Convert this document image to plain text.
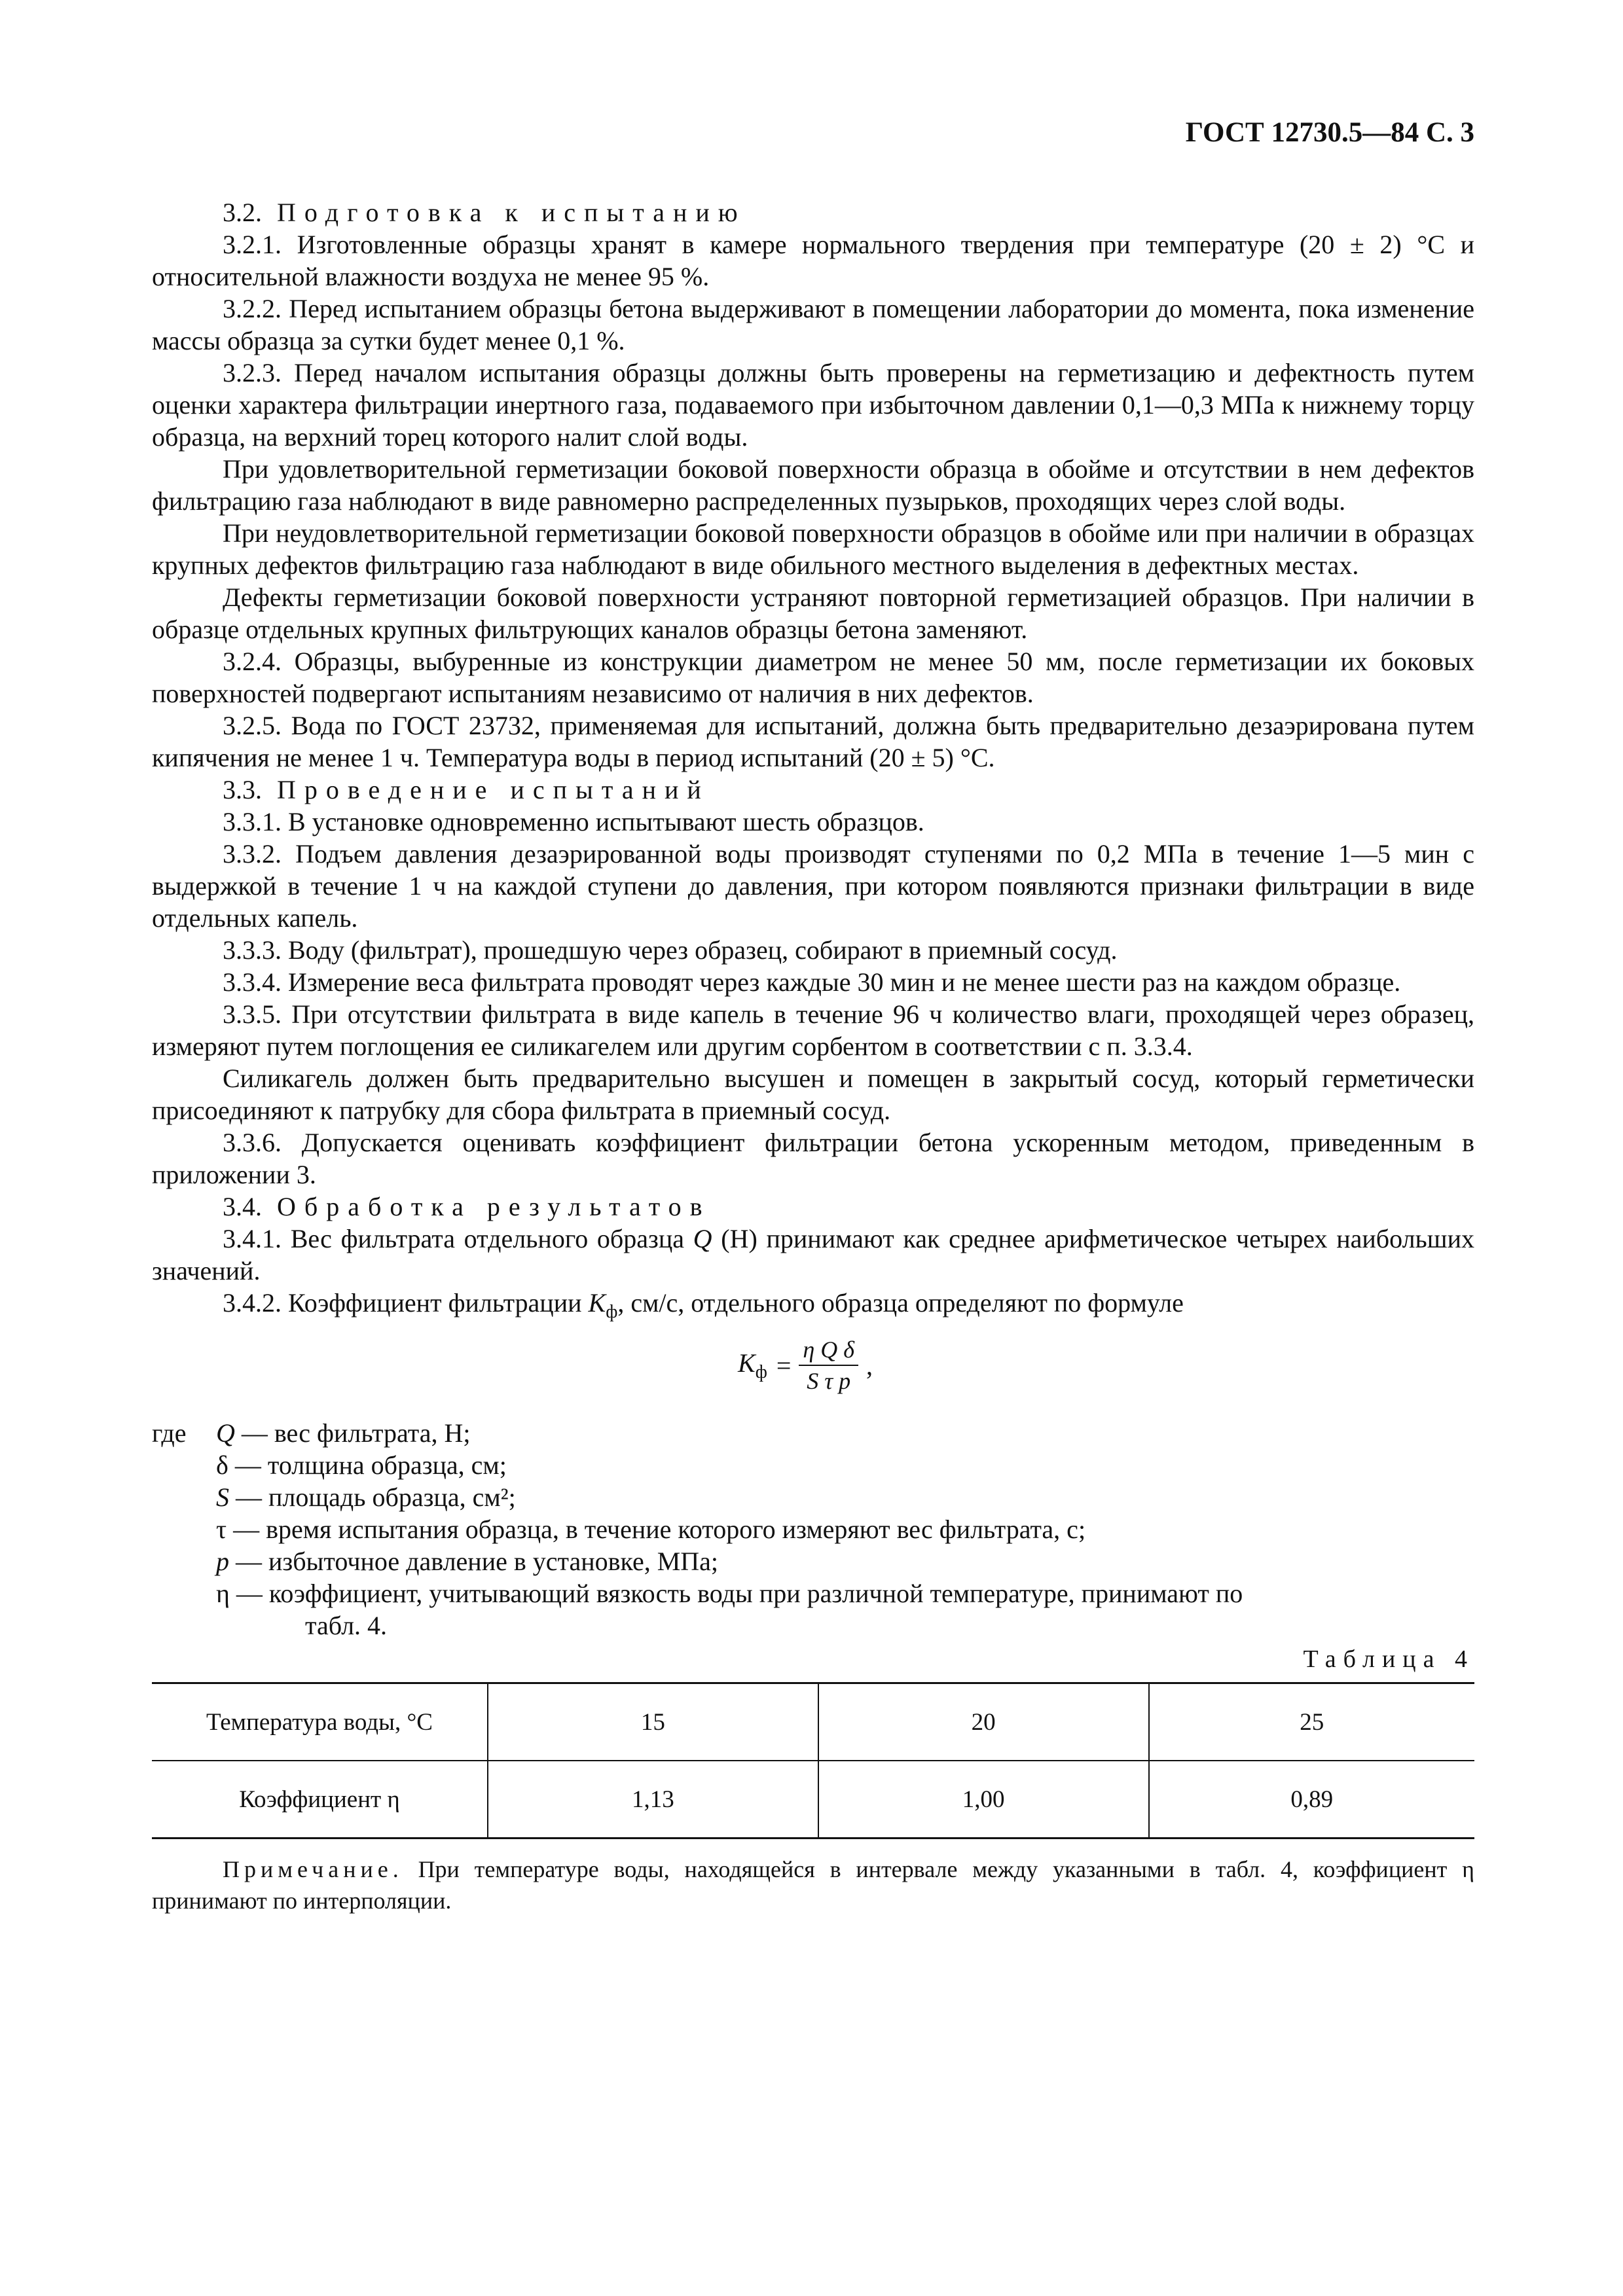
ГОСТ 12730.5—84 С. 3

3.2. Подготовка к испытанию

3.2.1. Изготовленные образцы хранят в камере нормального твердения при температуре (20 ± 2) °С и относительной влажности воздуха не менее 95 %.

3.2.2. Перед испытанием образцы бетона выдерживают в помещении лаборатории до момента, пока изменение массы образца за сутки будет менее 0,1 %.

3.2.3. Перед началом испытания образцы должны быть проверены на герметизацию и дефектность путем оценки характера фильтрации инертного газа, подаваемого при избыточном давлении 0,1—0,3 МПа к нижнему торцу образца, на верхний торец которого налит слой воды.

При удовлетворительной герметизации боковой поверхности образца в обойме и отсутствии в нем дефектов фильтрацию газа наблюдают в виде равномерно распределенных пузырьков, проходящих через слой воды.

При неудовлетворительной герметизации боковой поверхности образцов в обойме или при наличии в образцах крупных дефектов фильтрацию газа наблюдают в виде обильного местного выделения в дефектных местах.

Дефекты герметизации боковой поверхности устраняют повторной герметизацией образцов. При наличии в образце отдельных крупных фильтрующих каналов образцы бетона заменяют.

3.2.4. Образцы, выбуренные из конструкции диаметром не менее 50 мм, после герметизации их боковых поверхностей подвергают испытаниям независимо от наличия в них дефектов.

3.2.5. Вода по ГОСТ 23732, применяемая для испытаний, должна быть предварительно дезаэрирована путем кипячения не менее 1 ч. Температура воды в период испытаний (20 ± 5) °С.

3.3. Проведение испытаний

3.3.1. В установке одновременно испытывают шесть образцов.

3.3.2. Подъем давления дезаэрированной воды производят ступенями по 0,2 МПа в течение 1—5 мин с выдержкой в течение 1 ч на каждой ступени до давления, при котором появляются признаки фильтрации в виде отдельных капель.

3.3.3. Воду (фильтрат), прошедшую через образец, собирают в приемный сосуд.

3.3.4. Измерение веса фильтрата проводят через каждые 30 мин и не менее шести раз на каждом образце.

3.3.5. При отсутствии фильтрата в виде капель в течение 96 ч количество влаги, проходящей через образец, измеряют путем поглощения ее силикагелем или другим сорбентом в соответствии с п. 3.3.4.

Силикагель должен быть предварительно высушен и помещен в закрытый сосуд, который герметически присоединяют к патрубку для сбора фильтрата в приемный сосуд.

3.3.6. Допускается оценивать коэффициент фильтрации бетона ускоренным методом, приведенным в приложении 3.

3.4. Обработка результатов

3.4.1. Вес фильтрата отдельного образца Q (Н) принимают как среднее арифметическое четырех наибольших значений.

3.4.2. Коэффициент фильтрации $K_ф$, см/с, отдельного образца определяют по формуле

$K_ф = \frac{\text{η Q δ}}{\text{S τ p}}$ ,
где	Q — вес фильтрата, Н;
δ — толщина образца, см;
S — площадь образца, см²;
τ — время испытания образца, в течение которого измеряют вес фильтрата, с;
p — избыточное давление в установке, МПа;
η — коэффициент, учитывающий вязкость воды при различной температуре, принимают по
табл. 4.
Таблица 4
Температура воды, °С	15	20	25
Коэффициент η	1,13	1,00	0,89

Примечание. При температуре воды, находящейся в интервале между указанными в табл. 4, коэффициент η принимают по интерполяции.
